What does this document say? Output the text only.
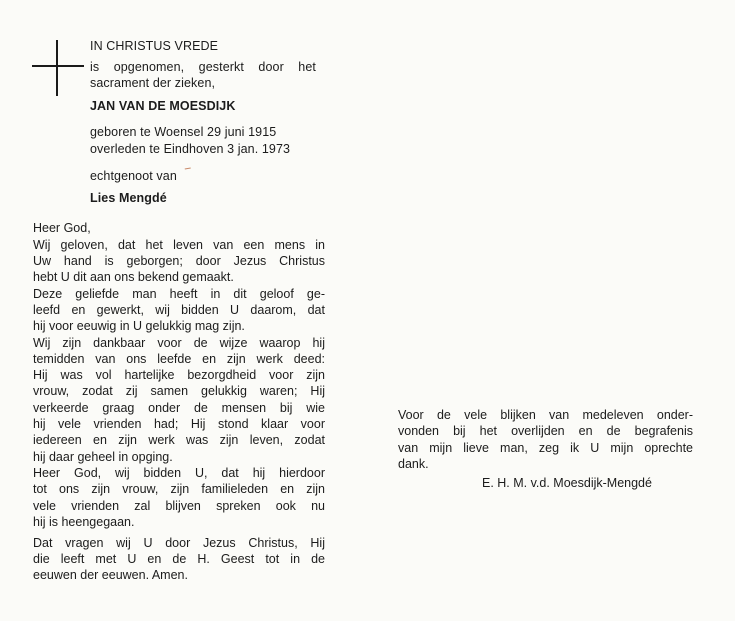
IN CHRISTUS VREDE
is opgenomen, gesterkt door het
sacrament der zieken,
JAN VAN DE MOESDIJK
geboren te Woensel 29 juni 1915
overleden te Eindhoven 3 jan. 1973
echtgenoot van
Lies Mengdé
Heer God,
Wij geloven, dat het leven van een mens in
Uw hand is geborgen; door Jezus Christus
hebt U dit aan ons bekend gemaakt.
Deze geliefde man heeft in dit geloof ge-
leefd en gewerkt, wij bidden U daarom, dat
hij voor eeuwig in U gelukkig mag zijn.
Wij zijn dankbaar voor de wijze waarop hij
temidden van ons leefde en zijn werk deed:
Hij was vol hartelijke bezorgdheid voor zijn
vrouw, zodat zij samen gelukkig waren; Hij
verkeerde graag onder de mensen bij wie
hij vele vrienden had; Hij stond klaar voor
iedereen en zijn werk was zijn leven, zodat
hij daar geheel in opging.
Heer God, wij bidden U, dat hij hierdoor
tot ons zijn vrouw, zijn familieleden en zijn
vele vrienden zal blijven spreken ook nu
hij is heengegaan.
Dat vragen wij U door Jezus Christus, Hij
die leeft met U en de H. Geest tot in de
eeuwen der eeuwen. Amen.
Voor de vele blijken van medeleven onder-
vonden bij het overlijden en de begrafenis
van mijn lieve man, zeg ik U mijn oprechte
dank.
E. H. M. v.d. Moesdijk-Mengdé
